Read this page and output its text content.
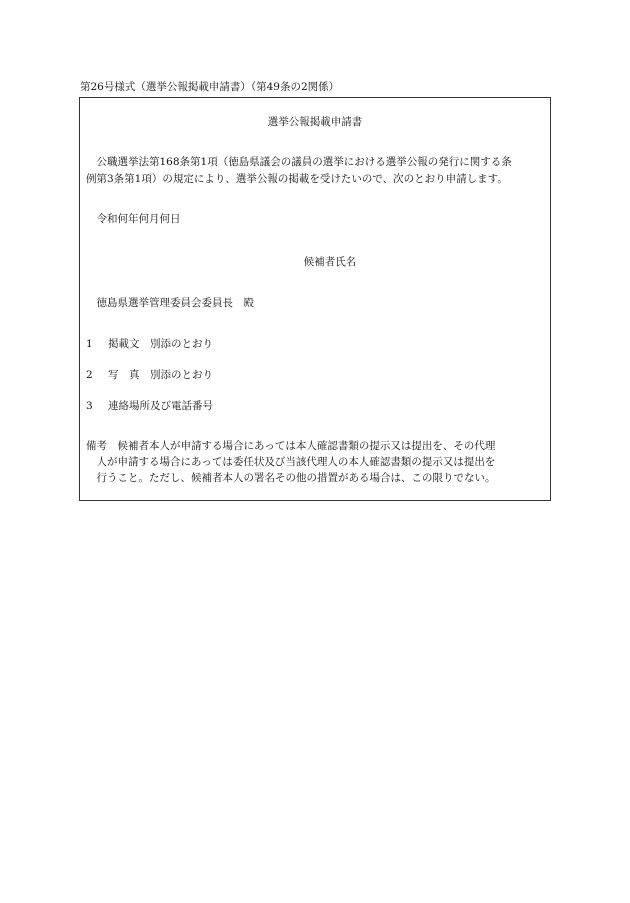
第26号様式（選挙公報掲載申請書）（第49条の2関係）
選挙公報掲載申請書
　公職選挙法第168条第1項（徳島県議会の議員の選挙における選挙公報の発行に関する条
例第3条第1項）の規定により、選挙公報の掲載を受けたいので、次のとおり申請します。
　令和何年何月何日
候補者氏名
　徳島県選挙管理委員会委員長　殿
1 掲載文　別添のとおり
2 写　真　別添のとおり
3 連絡場所及び電話番号
備考　候補者本人が申請する場合にあっては本人確認書類の提示又は提出を、その代理
　人が申請する場合にあっては委任状及び当該代理人の本人確認書類の提示又は提出を
　行うこと。ただし、候補者本人の署名その他の措置がある場合は、この限りでない。
